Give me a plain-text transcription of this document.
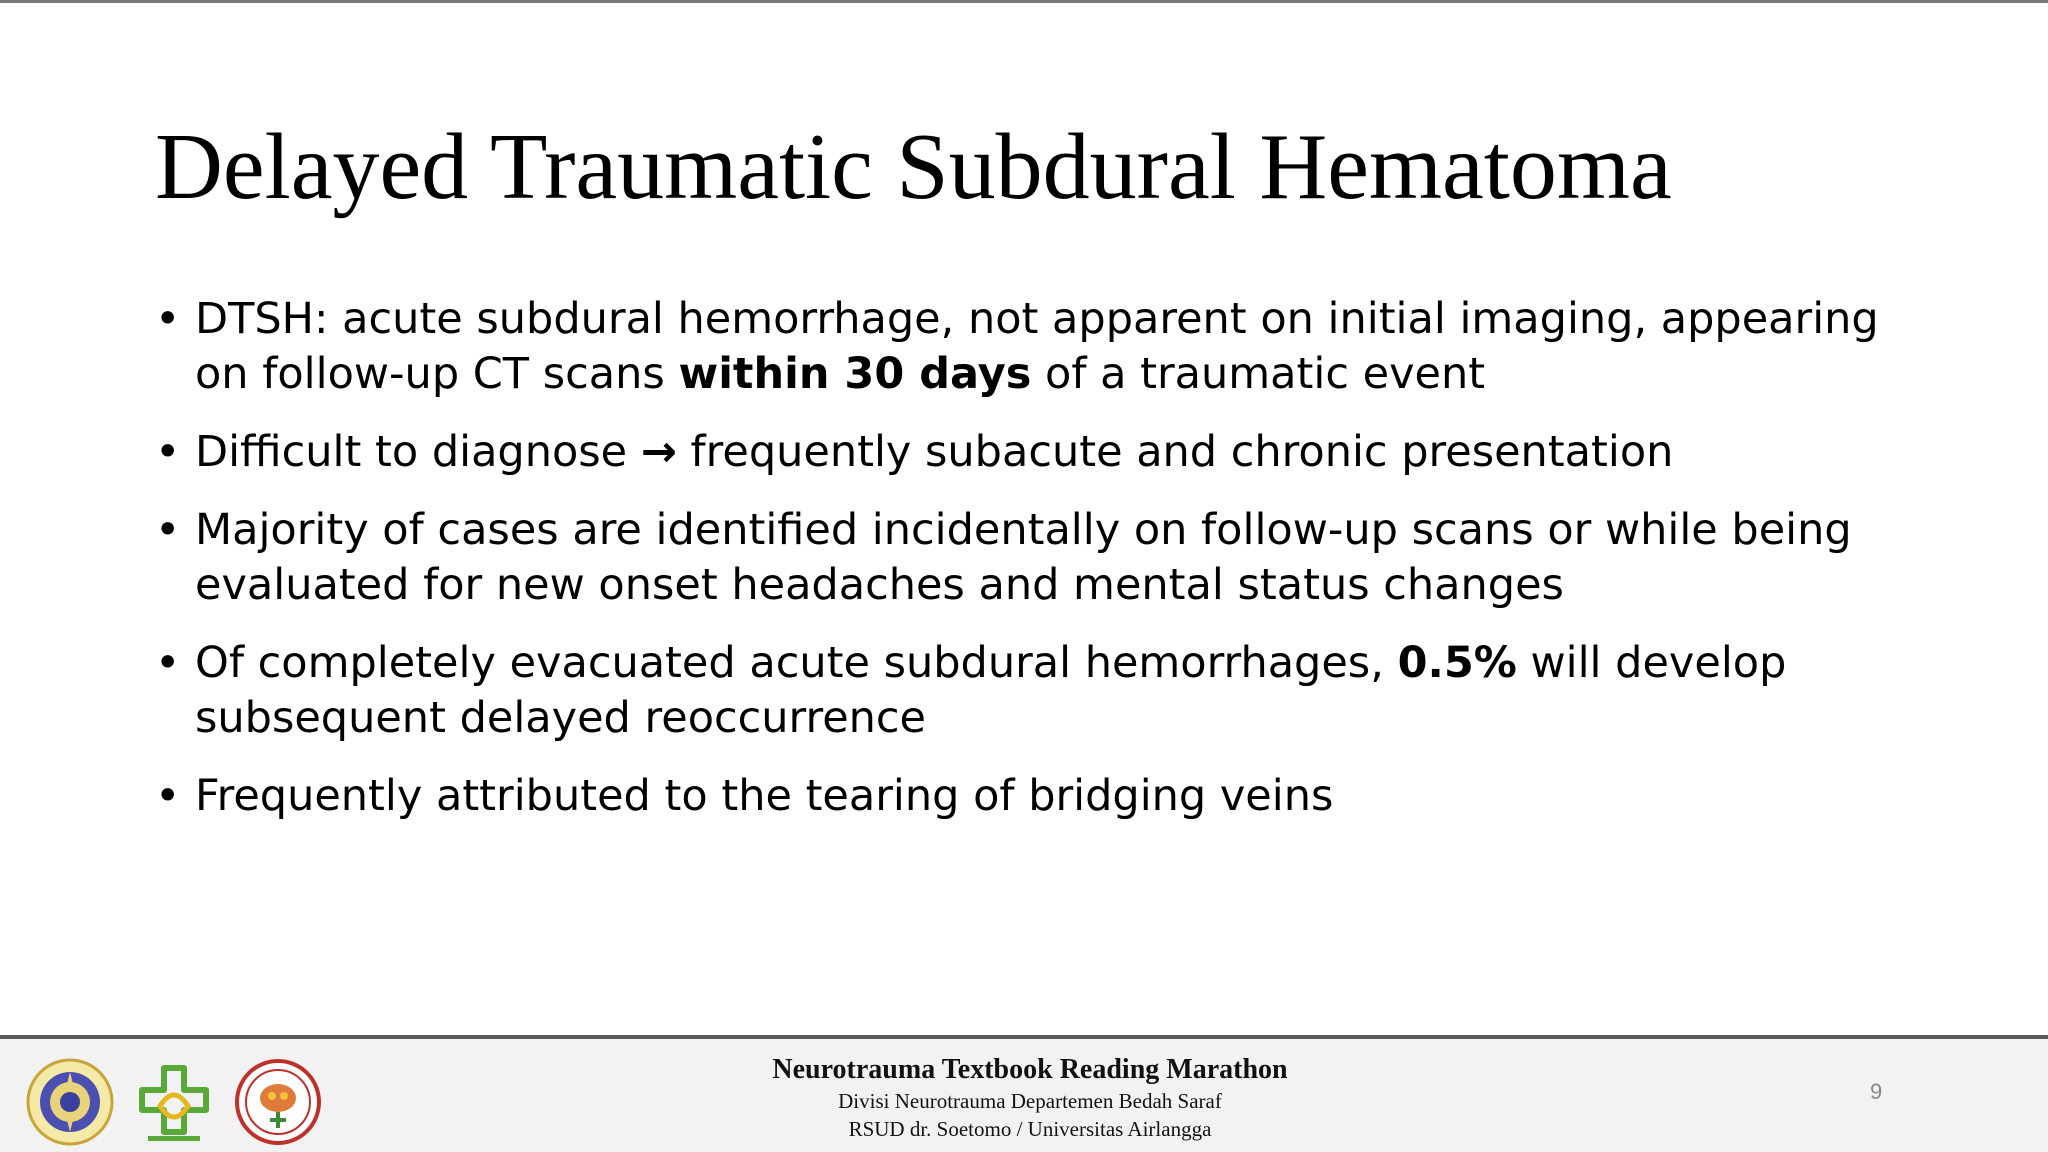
Delayed Traumatic Subdural Hematoma
• DTSH: acute subdural hemorrhage, not apparent on initial imaging, appearing on follow-up CT scans within 30 days of a traumatic event
• Difficult to diagnose → frequently subacute and chronic presentation
• Majority of cases are identified incidentally on follow-up scans or while being evaluated for new onset headaches and mental status changes
• Of completely evacuated acute subdural hemorrhages, 0.5% will develop subsequent delayed reoccurrence
• Frequently attributed to the tearing of bridging veins
Neurotrauma Textbook Reading Marathon
Divisi Neurotrauma Departemen Bedah Saraf
RSUD dr. Soetomo / Universitas Airlangga
9
